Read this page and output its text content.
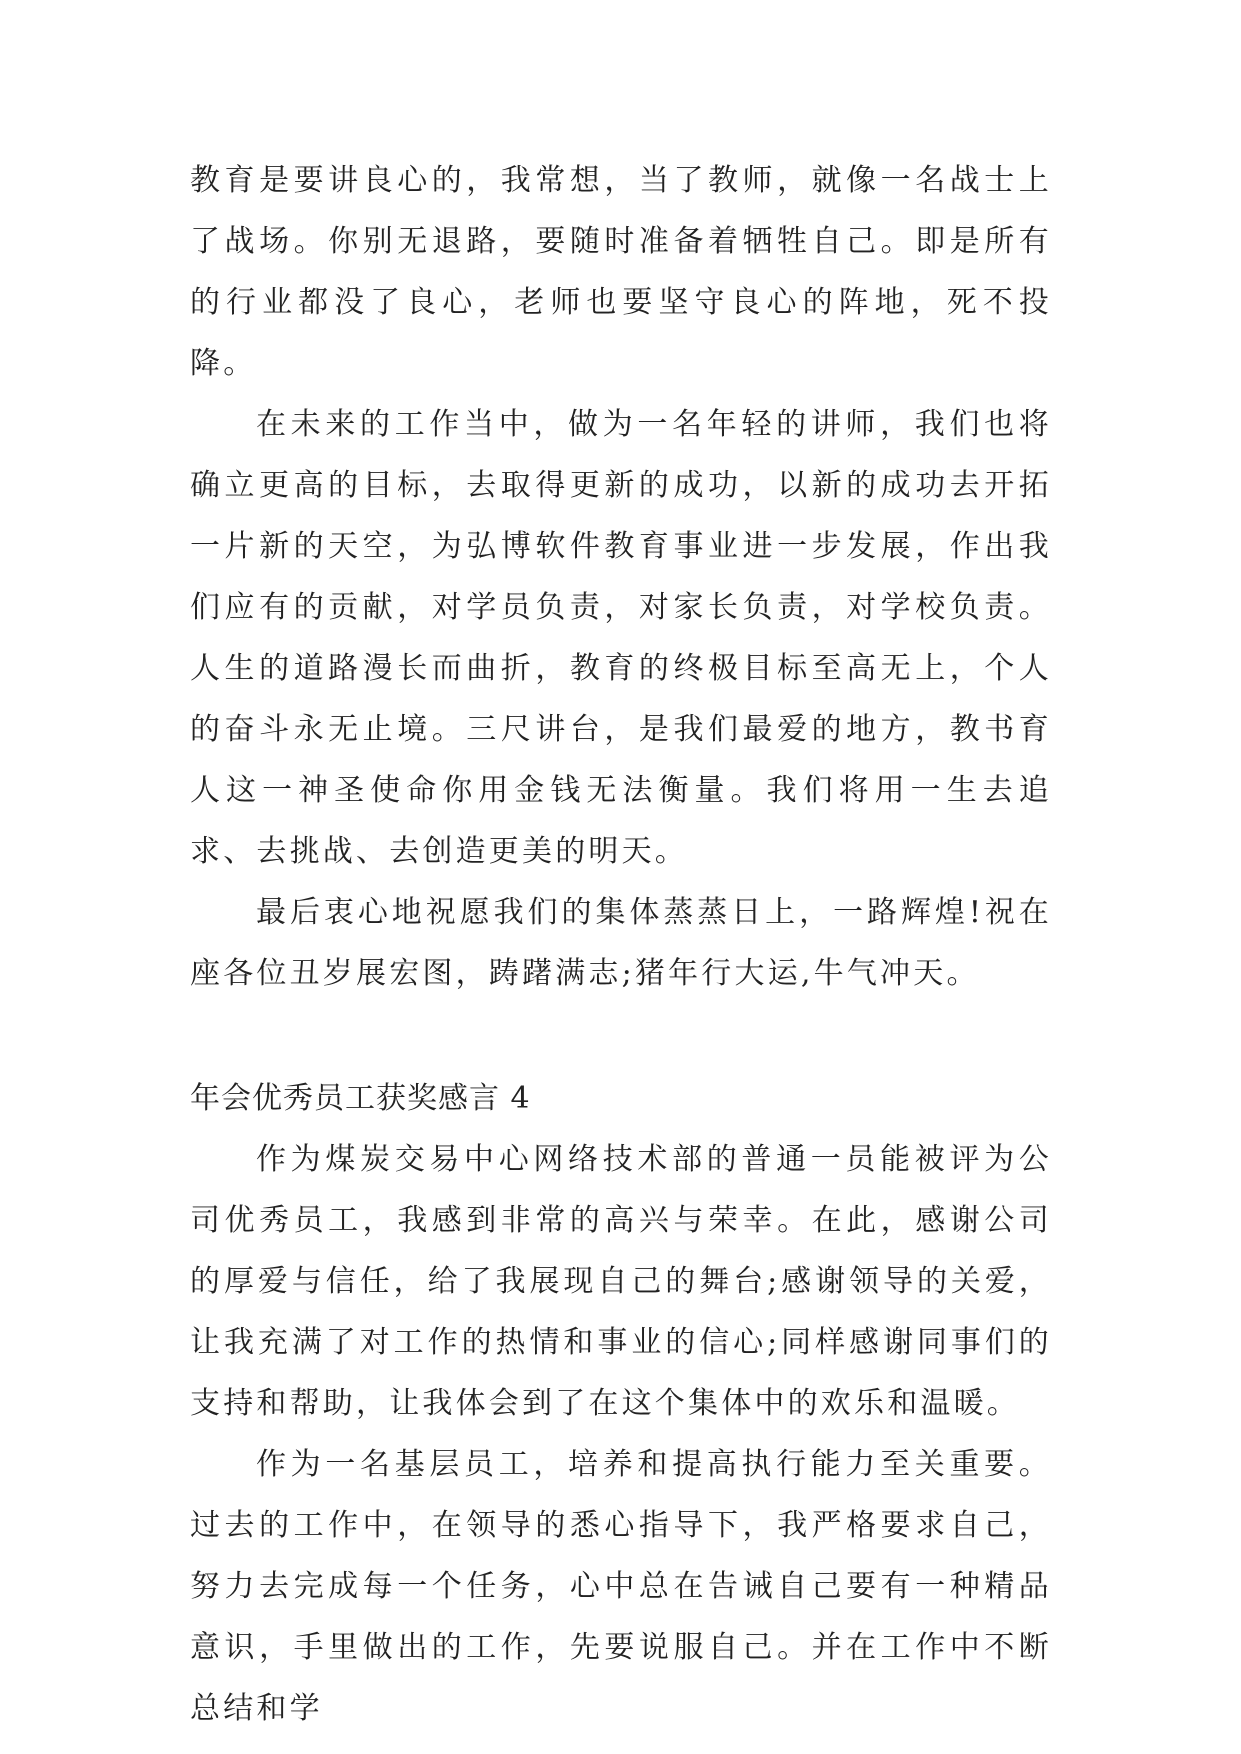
教育是要讲良心的，我常想，当了教师，就像一名战士上了战场。你别无退路，要随时准备着牺牲自己。即是所有的行业都没了良心，老师也要坚守良心的阵地，死不投降。

在未来的工作当中，做为一名年轻的讲师，我们也将确立更高的目标，去取得更新的成功，以新的成功去开拓一片新的天空，为弘博软件教育事业进一步发展，作出我们应有的贡献，对学员负责，对家长负责，对学校负责。人生的道路漫长而曲折，教育的终极目标至高无上，个人的奋斗永无止境。三尺讲台，是我们最爱的地方，教书育人这一神圣使命你用金钱无法衡量。我们将用一生去追求、去挑战、去创造更美的明天。

最后衷心地祝愿我们的集体蒸蒸日上，一路辉煌!祝在座各位丑岁展宏图，踌躇满志;猪年行大运,牛气冲天。

年会优秀员工获奖感言 4

作为煤炭交易中心网络技术部的普通一员能被评为公司优秀员工，我感到非常的高兴与荣幸。在此，感谢公司的厚爱与信任，给了我展现自己的舞台;感谢领导的关爱，让我充满了对工作的热情和事业的信心;同样感谢同事们的支持和帮助，让我体会到了在这个集体中的欢乐和温暖。

作为一名基层员工，培养和提高执行能力至关重要。过去的工作中，在领导的悉心指导下，我严格要求自己，努力去完成每一个任务，心中总在告诫自己要有一种精品意识，手里做出的工作，先要说服自己。并在工作中不断总结和学
